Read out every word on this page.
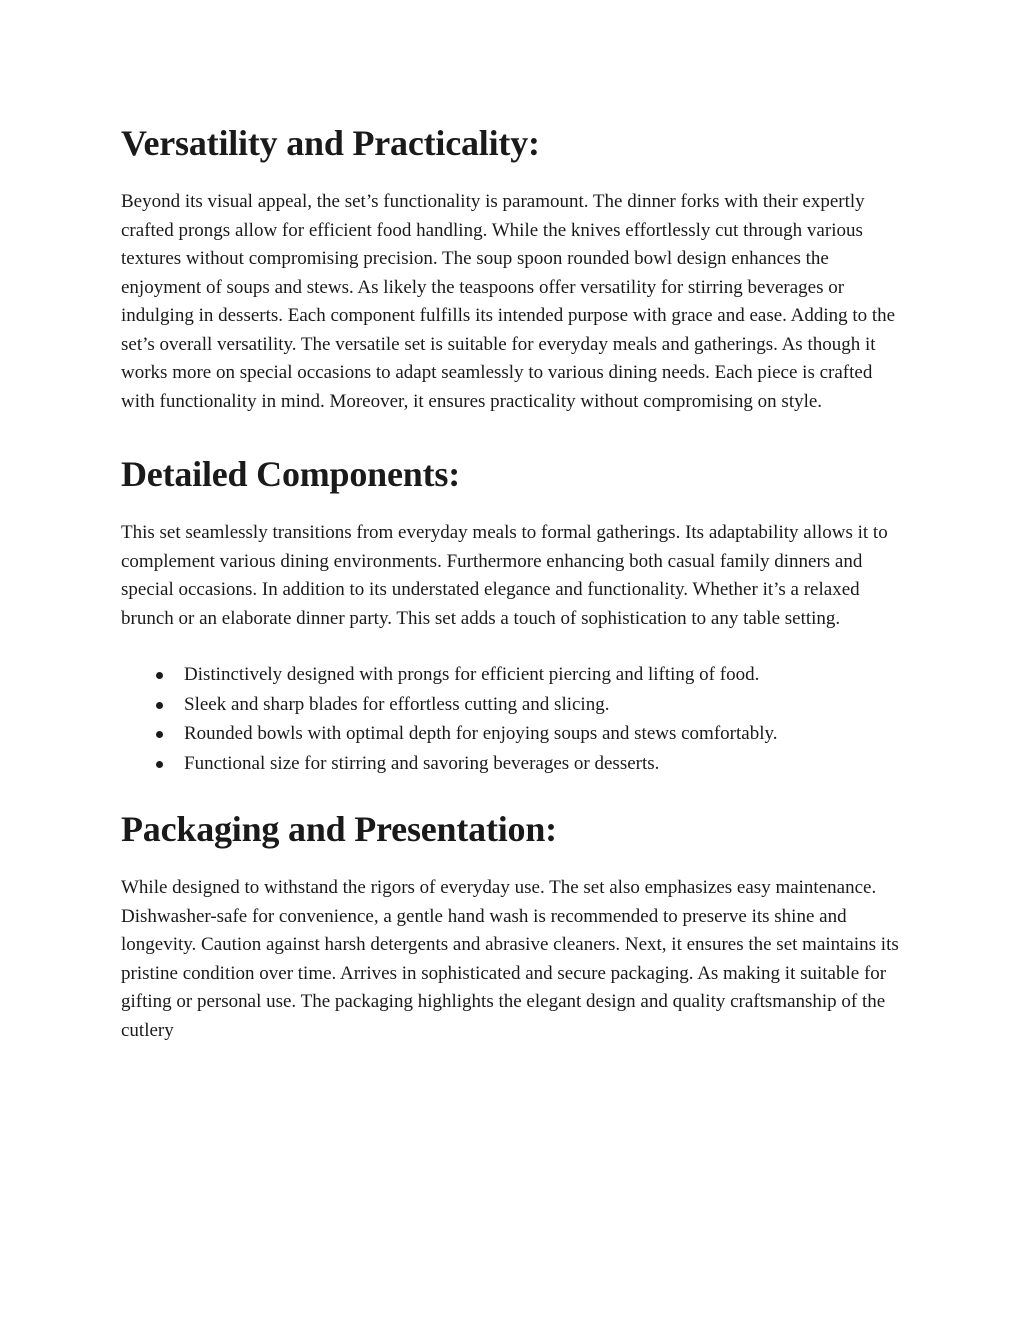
Versatility and Practicality:

Beyond its visual appeal, the set’s functionality is paramount. The dinner forks with their expertly crafted prongs allow for efficient food handling. While the knives effortlessly cut through various textures without compromising precision. The soup spoon rounded bowl design enhances the enjoyment of soups and stews. As likely the teaspoons offer versatility for stirring beverages or indulging in desserts. Each component fulfills its intended purpose with grace and ease. Adding to the set’s overall versatility. The versatile set is suitable for everyday meals and gatherings. As though it works more on special occasions to adapt seamlessly to various dining needs. Each piece is crafted with functionality in mind. Moreover, it ensures practicality without compromising on style.

Detailed Components:

This set seamlessly transitions from everyday meals to formal gatherings. Its adaptability allows it to complement various dining environments. Furthermore enhancing both casual family dinners and special occasions. In addition to its understated elegance and functionality. Whether it’s a relaxed brunch or an elaborate dinner party. This set adds a touch of sophistication to any table setting.

Distinctively designed with prongs for efficient piercing and lifting of food.
Sleek and sharp blades for effortless cutting and slicing.
Rounded bowls with optimal depth for enjoying soups and stews comfortably.
Functional size for stirring and savoring beverages or desserts.
Packaging and Presentation:

While designed to withstand the rigors of everyday use. The set also emphasizes easy maintenance. Dishwasher-safe for convenience, a gentle hand wash is recommended to preserve its shine and longevity. Caution against harsh detergents and abrasive cleaners. Next, it ensures the set maintains its pristine condition over time. Arrives in sophisticated and secure packaging. As making it suitable for gifting or personal use. The packaging highlights the elegant design and quality craftsmanship of the cutlery
